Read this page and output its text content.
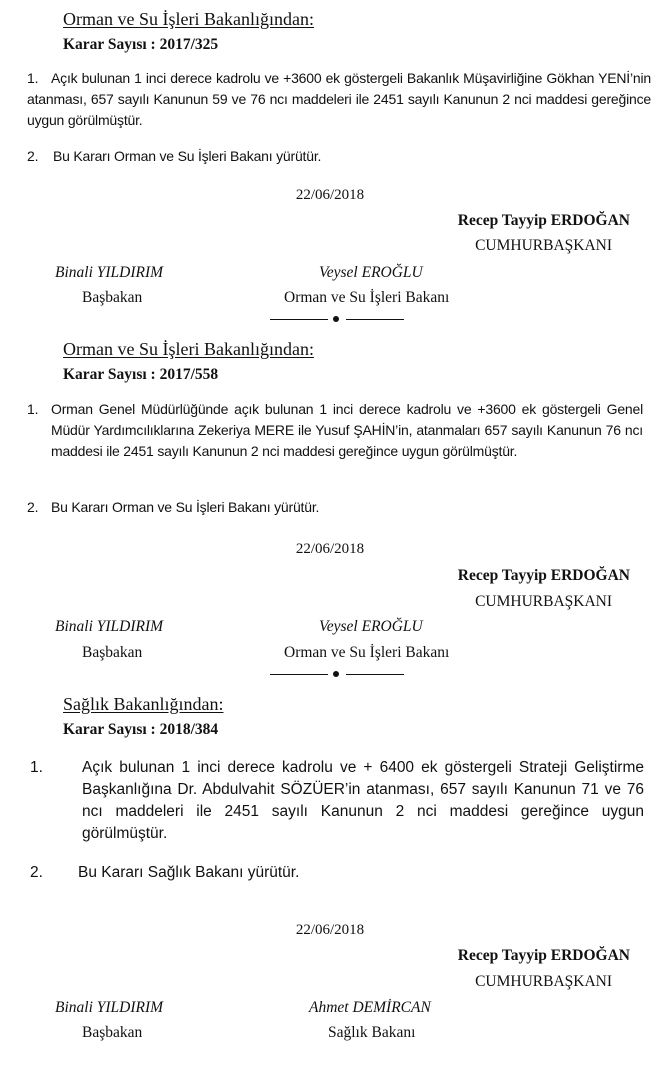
Orman ve Su İşleri Bakanlığından:
Karar Sayısı : 2017/325
1. Açık bulunan 1 inci derece kadrolu ve +3600 ek göstergeli Bakanlık Müşavirliğine Gökhan YENİ’nin atanması, 657 sayılı Kanunun 59 ve 76 ncı maddeleri ile 2451 sayılı Kanunun 2 nci maddesi gereğince uygun görülmüştür.
2. Bu Kararı Orman ve Su İşleri Bakanı yürütür.
22/06/2018
Recep Tayyip ERDOĞAN
CUMHURBAŞKANI
Binali YILDIRIM	Veysel EROĞLU
Başbakan	Orman ve Su İşleri Bakanı
Orman ve Su İşleri Bakanlığından:
Karar Sayısı : 2017/558
1. Orman Genel Müdürlüğünde açık bulunan 1 inci derece kadrolu ve +3600 ek göstergeli Genel Müdür Yardımcılıklarına Zekeriya MERE ile Yusuf ŞAHİN’in, atanmaları 657 sayılı Kanunun 76 ncı maddesi ile 2451 sayılı Kanunun 2 nci maddesi gereğince uygun görülmüştür.
2. Bu Kararı Orman ve Su İşleri Bakanı yürütür.
22/06/2018
Recep Tayyip ERDOĞAN
CUMHURBAŞKANI
Binali YILDIRIM	Veysel EROĞLU
Başbakan	Orman ve Su İşleri Bakanı
Sağlık Bakanlığından:
Karar Sayısı : 2018/384
1.	Açık bulunan 1 inci derece kadrolu ve + 6400 ek göstergeli Strateji Geliştirme Başkanlığına Dr. Abdulvahit SÖZÜER’in atanması, 657 sayılı Kanunun 71 ve 76 ncı maddeleri ile 2451 sayılı Kanunun 2 nci maddesi gereğince uygun görülmüştür.
2. Bu Kararı Sağlık Bakanı yürütür.
22/06/2018
Recep Tayyip ERDOĞAN
CUMHURBAŞKANI
Binali YILDIRIM	Ahmet DEMİRCAN
Başbakan	Sağlık Bakanı
